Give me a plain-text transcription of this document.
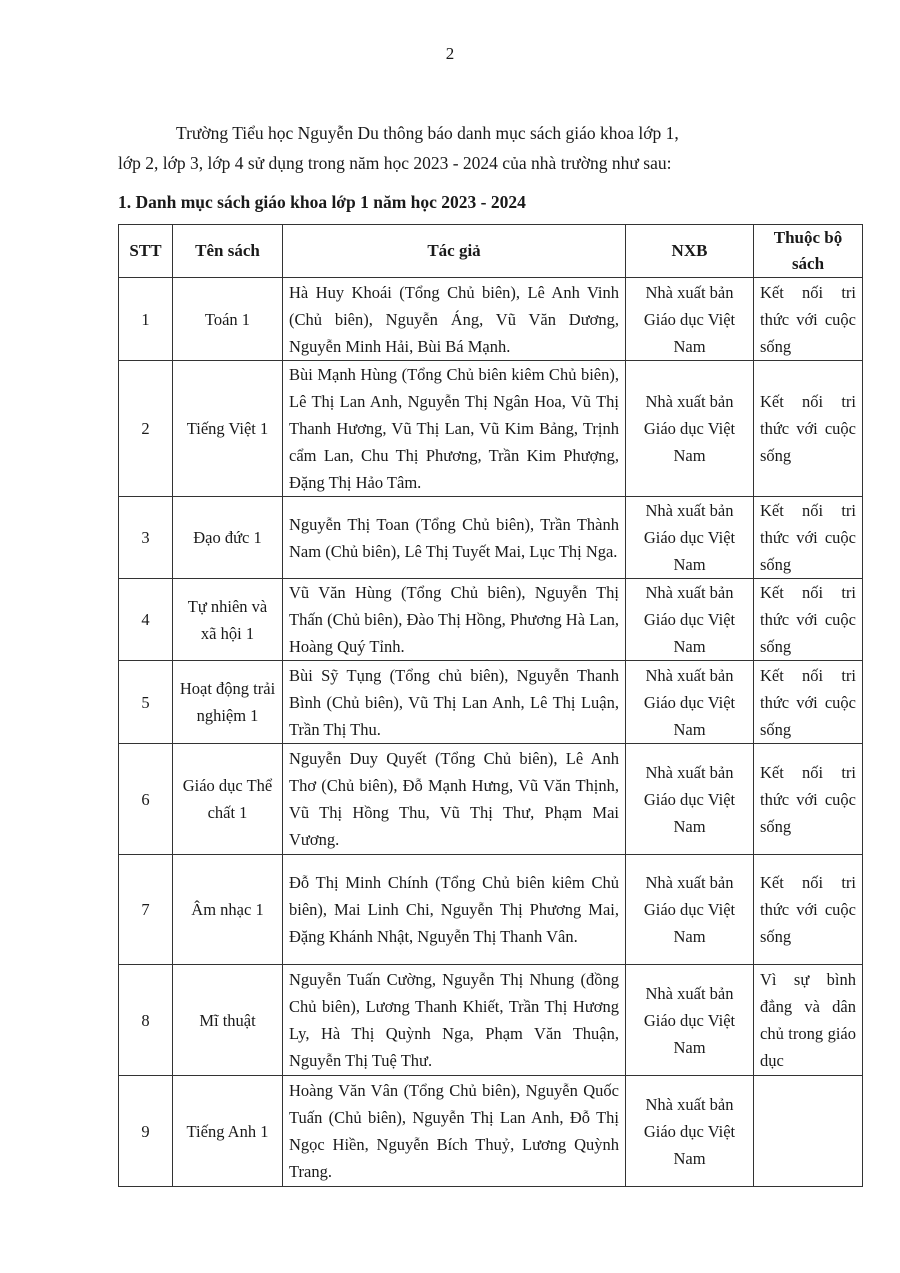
2
Trường Tiểu học Nguyễn Du thông báo danh mục sách giáo khoa lớp 1,
lớp 2, lớp 3, lớp 4 sử dụng trong năm học 2023 - 2024 của nhà trường như sau:
1. Danh mục sách giáo khoa lớp 1 năm học 2023 - 2024
STT	Tên sách	Tác giả	NXB	Thuộc bộ sách
1	Toán 1	Hà Huy Khoái (Tổng Chủ biên), Lê Anh Vinh (Chủ biên), Nguyễn Áng, Vũ Văn Dương, Nguyễn Minh Hải, Bùi Bá Mạnh.	Nhà xuất bản Giáo dục Việt Nam	Kết nối tri thức với cuộc sống
2	Tiếng Việt 1	Bùi Mạnh Hùng (Tổng Chủ biên kiêm Chủ biên), Lê Thị Lan Anh, Nguyễn Thị Ngân Hoa, Vũ Thị Thanh Hương, Vũ Thị Lan, Vũ Kim Bảng, Trịnh cẩm Lan, Chu Thị Phương, Trần Kim Phượng, Đặng Thị Hảo Tâm.	Nhà xuất bản Giáo dục Việt Nam	Kết nối tri thức với cuộc sống
3	Đạo đức 1	Nguyễn Thị Toan (Tổng Chủ biên), Trần Thành Nam (Chủ biên), Lê Thị Tuyết Mai, Lục Thị Nga.	Nhà xuất bản Giáo dục Việt Nam	Kết nối tri thức với cuộc sống
4	Tự nhiên và xã hội 1	Vũ Văn Hùng (Tổng Chủ biên), Nguyễn Thị Thấn (Chủ biên), Đào Thị Hồng, Phương Hà Lan, Hoàng Quý Tỉnh.	Nhà xuất bản Giáo dục Việt Nam	Kết nối tri thức với cuộc sống
5	Hoạt động trải nghiệm 1	Bùi Sỹ Tụng (Tổng chủ biên), Nguyễn Thanh Bình (Chủ biên), Vũ Thị Lan Anh, Lê Thị Luận, Trần Thị Thu.	Nhà xuất bản Giáo dục Việt Nam	Kết nối tri thức với cuộc sống
6	Giáo dục Thể chất 1	Nguyễn Duy Quyết (Tổng Chủ biên), Lê Anh Thơ (Chủ biên), Đỗ Mạnh Hưng, Vũ Văn Thịnh, Vũ Thị Hồng Thu, Vũ Thị Thư, Phạm Mai Vương.	Nhà xuất bản Giáo dục Việt Nam	Kết nối tri thức với cuộc sống
7	Âm nhạc 1	Đỗ Thị Minh Chính (Tổng Chủ biên kiêm Chủ biên), Mai Linh Chi, Nguyễn Thị Phương Mai, Đặng Khánh Nhật, Nguyễn Thị Thanh Vân.	Nhà xuất bản Giáo dục Việt Nam	Kết nối tri thức với cuộc sống
8	Mĩ thuật	Nguyễn Tuấn Cường, Nguyễn Thị Nhung (đồng Chủ biên), Lương Thanh Khiết, Trần Thị Hương Ly, Hà Thị Quỳnh Nga, Phạm Văn Thuận, Nguyễn Thị Tuệ Thư.	Nhà xuất bản Giáo dục Việt Nam	Vì sự bình đẳng và dân chủ trong giáo dục
9	Tiếng Anh 1	Hoàng Văn Vân (Tổng Chủ biên), Nguyễn Quốc Tuấn (Chủ biên), Nguyễn Thị Lan Anh, Đỗ Thị Ngọc Hiền, Nguyễn Bích Thuỷ, Lương Quỳnh Trang.	Nhà xuất bản Giáo dục Việt Nam	
